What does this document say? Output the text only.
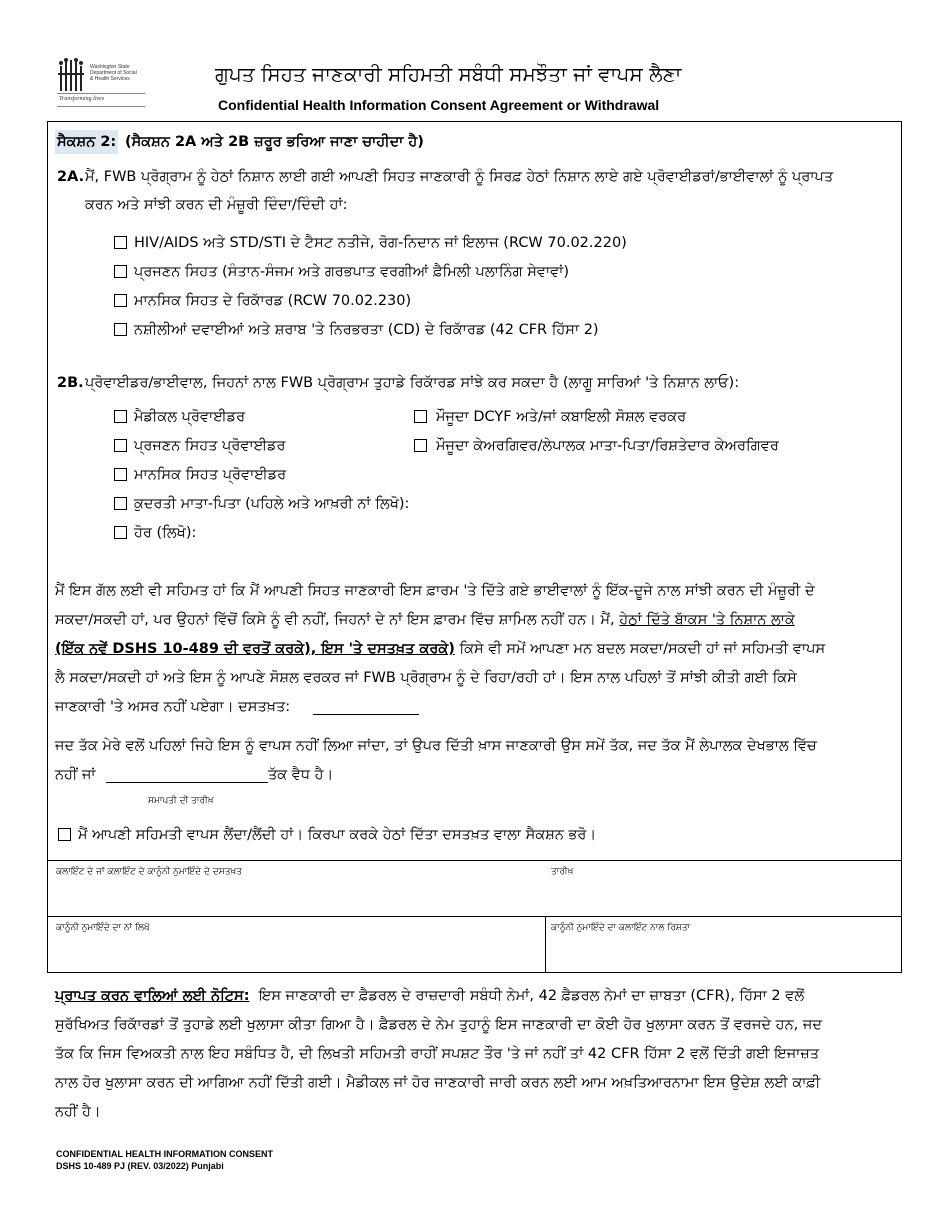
Washington State
Department of Social
& Health Services
Transforming lives
ਗੁਪਤ ਸਿਹਤ ਜਾਣਕਾਰੀ ਸਹਿਮਤੀ ਸਬੰਧੀ ਸਮਝੌਤਾ ਜਾਂ ਵਾਪਸ ਲੈਣਾ
Confidential Health Information Consent Agreement or Withdrawal
ਸੈਕਸ਼ਨ 2: (ਸੈਕਸ਼ਨ 2A ਅਤੇ 2B ਜ਼ਰੂਰ ਭਰਿਆ ਜਾਣਾ ਚਾਹੀਦਾ ਹੈ)
2A. ਮੈਂ, FWB ਪ੍ਰੋਗ੍ਰਾਮ ਨੂੰ ਹੇਠਾਂ ਨਿਸ਼ਾਨ ਲਾਈ ਗਈ ਆਪਣੀ ਸਿਹਤ ਜਾਣਕਾਰੀ ਨੂੰ ਸਿਰਫ਼ ਹੇਠਾਂ ਨਿਸ਼ਾਨ ਲਾਏ ਗਏ ਪ੍ਰੋਵਾਈਡਰਾਂ/ਭਾਈਵਾਲਾਂ ਨੂੰ ਪ੍ਰਾਪਤ
ਕਰਨ ਅਤੇ ਸਾਂਝੀ ਕਰਨ ਦੀ ਮੰਜ਼ੂਰੀ ਦਿੰਦਾ/ਦਿੰਦੀ ਹਾਂ:
HIV/AIDS ਅਤੇ STD/STI ਦੇ ਟੈਸਟ ਨਤੀਜੇ, ਰੋਗ-ਨਿਦਾਨ ਜਾਂ ਇਲਾਜ (RCW 70.02.220)
ਪ੍ਰਜਣਨ ਸਿਹਤ (ਸੰਤਾਨ-ਸੰਜਮ ਅਤੇ ਗਰਭਪਾਤ ਵਰਗੀਆਂ ਫ਼ੈਮਿਲੀ ਪਲਾਨਿੰਗ ਸੇਵਾਵਾਂ)
ਮਾਨਸਿਕ ਸਿਹਤ ਦੇ ਰਿਕਾੱਰਡ (RCW 70.02.230)
ਨਸ਼ੀਲੀਆਂ ਦਵਾਈਆਂ ਅਤੇ ਸ਼ਰਾਬ 'ਤੇ ਨਿਰਭਰਤਾ (CD) ਦੇ ਰਿਕਾੱਰਡ (42 CFR ਹਿੱਸਾ 2)
2B. ਪ੍ਰੋਵਾਈਡਰ/ਭਾਈਵਾਲ, ਜਿਹਨਾਂ ਨਾਲ FWB ਪ੍ਰੋਗ੍ਰਾਮ ਤੁਹਾਡੇ ਰਿਕਾੱਰਡ ਸਾਂਝੇ ਕਰ ਸਕਦਾ ਹੈ (ਲਾਗੂ ਸਾਰਿਆਂ 'ਤੇ ਨਿਸ਼ਾਨ ਲਾਓ):
ਮੈਡੀਕਲ ਪ੍ਰੋਵਾਈਡਰ
ਪ੍ਰਜਣਨ ਸਿਹਤ ਪ੍ਰੋਵਾਈਡਰ
ਮਾਨਸਿਕ ਸਿਹਤ ਪ੍ਰੋਵਾਈਡਰ
ਕੁਦਰਤੀ ਮਾਤਾ-ਪਿਤਾ (ਪਹਿਲੇ ਅਤੇ ਆਖ਼ਰੀ ਨਾਂ ਲਿਖੋ):
ਹੋਰ (ਲਿਖੋ):
ਮੌਜੂਦਾ DCYF ਅਤੇ/ਜਾਂ ਕਬਾਇਲੀ ਸੋਸ਼ਲ ਵਰਕਰ
ਮੌਜੂਦਾ ਕੇਅਰਗਿਵਰ/ਲੇਪਾਲਕ ਮਾਤਾ-ਪਿਤਾ/ਰਿਸ਼ਤੇਦਾਰ ਕੇਅਰਗਿਵਰ
ਮੈਂ ਇਸ ਗੱਲ ਲਈ ਵੀ ਸਹਿਮਤ ਹਾਂ ਕਿ ਮੈਂ ਆਪਣੀ ਸਿਹਤ ਜਾਣਕਾਰੀ ਇਸ ਫ਼ਾਰਮ 'ਤੇ ਦਿੱਤੇ ਗਏ ਭਾਈਵਾਲਾਂ ਨੂੰ ਇੱਕ-ਦੂਜੇ ਨਾਲ ਸਾਂਝੀ ਕਰਨ ਦੀ ਮੰਜ਼ੂਰੀ ਦੇ
ਸਕਦਾ/ਸਕਦੀ ਹਾਂ, ਪਰ ਉਹਨਾਂ ਵਿੱਚੋਂ ਕਿਸੇ ਨੂੰ ਵੀ ਨਹੀਂ, ਜਿਹਨਾਂ ਦੇ ਨਾਂ ਇਸ ਫ਼ਾਰਮ ਵਿੱਚ ਸ਼ਾਮਿਲ ਨਹੀਂ ਹਨ। ਮੈਂ, ਹੇਠਾਂ ਦਿੱਤੇ ਬਾੱਕਸ 'ਤੇ ਨਿਸ਼ਾਨ ਲਾਕੇ
(ਇੱਕ ਨਵੇਂ DSHS 10-489 ਦੀ ਵਰਤੋਂ ਕਰਕੇ), ਇਸ 'ਤੇ ਦਸਤਖ਼ਤ ਕਰਕੇ) ਕਿਸੇ ਵੀ ਸਮੇਂ ਆਪਣਾ ਮਨ ਬਦਲ ਸਕਦਾ/ਸਕਦੀ ਹਾਂ ਜਾਂ ਸਹਿਮਤੀ ਵਾਪਸ
ਲੈ ਸਕਦਾ/ਸਕਦੀ ਹਾਂ ਅਤੇ ਇਸ ਨੂੰ ਆਪਣੇ ਸੋਸ਼ਲ ਵਰਕਰ ਜਾਂ FWB ਪ੍ਰੋਗ੍ਰਾਮ ਨੂੰ ਦੇ ਰਿਹਾ/ਰਹੀ ਹਾਂ। ਇਸ ਨਾਲ ਪਹਿਲਾਂ ਤੋਂ ਸਾਂਝੀ ਕੀਤੀ ਗਈ ਕਿਸੇ
ਜਾਣਕਾਰੀ 'ਤੇ ਅਸਰ ਨਹੀਂ ਪਏਗਾ। ਦਸਤਖ਼ਤ:
ਜਦ ਤੱਕ ਮੇਰੇ ਵਲੋਂ ਪਹਿਲਾਂ ਜਿਹੇ ਇਸ ਨੂੰ ਵਾਪਸ ਨਹੀਂ ਲਿਆ ਜਾਂਦਾ, ਤਾਂ ਉਪਰ ਦਿੱਤੀ ਖ਼ਾਸ ਜਾਣਕਾਰੀ ਉਸ ਸਮੇਂ ਤੱਕ, ਜਦ ਤੱਕ ਮੈਂ ਲੇਪਾਲਕ ਦੇਖਭਾਲ ਵਿੱਚ
ਨਹੀਂ ਜਾਂ	ਤੱਕ ਵੈਧ ਹੈ।
ਸਮਾਪਤੀ ਦੀ ਤਾਰੀਖ਼
ਮੈਂ ਆਪਣੀ ਸਹਿਮਤੀ ਵਾਪਸ ਲੈਂਦਾ/ਲੈਂਦੀ ਹਾਂ। ਕਿਰਪਾ ਕਰਕੇ ਹੇਠਾਂ ਦਿੱਤਾ ਦਸਤਖ਼ਤ ਵਾਲਾ ਸੈਕਸ਼ਨ ਭਰੋ।
ਕਲਾਇੰਟ ਦੇ ਜਾਂ ਕਲਾਇੰਟ ਦੇ ਕਾਨੂੰਨੀ ਨੁਮਾਇੰਦੇ ਦੇ ਦਸਤਖ਼ਤ	ਤਾਰੀਖ਼
ਕਾਨੂੰਨੀ ਨੁਮਾਇੰਦੇ ਦਾ ਨਾਂ ਲਿਖੋ	ਕਾਨੂੰਨੀ ਨੁਮਾਇੰਦੇ ਦਾ ਕਲਾਇੰਟ ਨਾਲ ਰਿਸ਼ਤਾ
ਪ੍ਰਾਪਤ ਕਰਨ ਵਾਲਿਆਂ ਲਈ ਨੋਟਿਸ: ਇਸ ਜਾਣਕਾਰੀ ਦਾ ਫ਼ੈਡਰਲ ਦੇ ਰਾਜ਼ਦਾਰੀ ਸਬੰਧੀ ਨੇਮਾਂ, 42 ਫ਼ੈਡਰਲ ਨੇਮਾਂ ਦਾ ਜ਼ਾਬਤਾ (CFR), ਹਿੱਸਾ 2 ਵਲੋਂ
ਸੁਰੱਖਿਅਤ ਰਿਕਾੱਰਡਾਂ ਤੋਂ ਤੁਹਾਡੇ ਲਈ ਖੁਲਾਸਾ ਕੀਤਾ ਗਿਆ ਹੈ। ਫ਼ੈਡਰਲ ਦੇ ਨੇਮ ਤੁਹਾਨੂੰ ਇਸ ਜਾਣਕਾਰੀ ਦਾ ਕੋਈ ਹੋਰ ਖੁਲਾਸਾ ਕਰਨ ਤੋਂ ਵਰਜਦੇ ਹਨ, ਜਦ
ਤੱਕ ਕਿ ਜਿਸ ਵਿਅਕਤੀ ਨਾਲ ਇਹ ਸਬੰਧਿਤ ਹੈ, ਦੀ ਲਿਖਤੀ ਸਹਿਮਤੀ ਰਾਹੀਂ ਸਪਸ਼ਟ ਤੌਰ 'ਤੇ ਜਾਂ ਨਹੀਂ ਤਾਂ 42 CFR ਹਿੱਸਾ 2 ਵਲੋਂ ਦਿੱਤੀ ਗਈ ਇਜਾਜ਼ਤ
ਨਾਲ ਹੋਰ ਖੁਲਾਸਾ ਕਰਨ ਦੀ ਆਗਿਆ ਨਹੀਂ ਦਿੱਤੀ ਗਈ। ਮੈਡੀਕਲ ਜਾਂ ਹੋਰ ਜਾਣਕਾਰੀ ਜਾਰੀ ਕਰਨ ਲਈ ਆਮ ਅਖ਼ਤਿਆਰਨਾਮਾ ਇਸ ਉਦੇਸ਼ ਲਈ ਕਾਫ਼ੀ
ਨਹੀਂ ਹੈ।
CONFIDENTIAL HEALTH INFORMATION CONSENT
DSHS 10-489 PJ (REV. 03/2022) Punjabi
